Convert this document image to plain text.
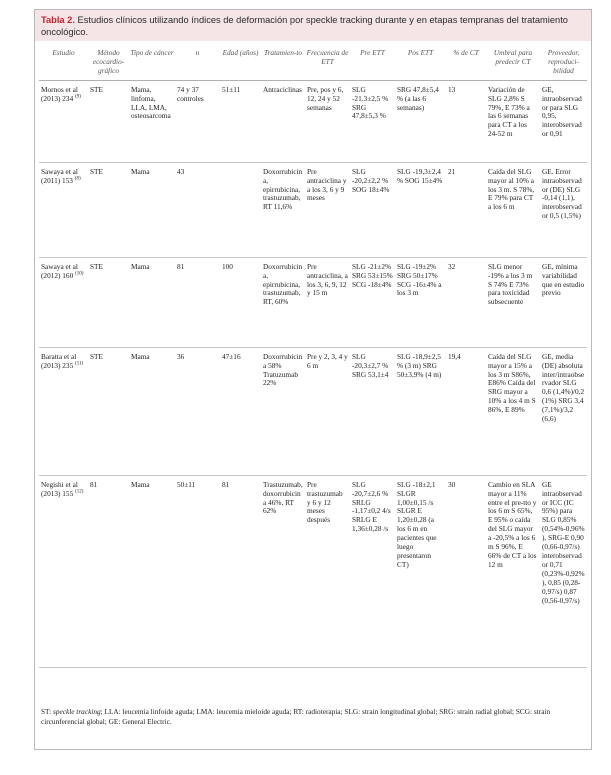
Tabla 2. Estudios clínicos utilizando índices de deformación por speckle tracking durante y en etapas tempranas del tratamiento oncológico.
Estudio	Método ecocardio-gráfico	Tipo de cáncer	n	Edad (años)	Tratamien-to	Frecuencia de ETT	Pre ETT	Pos ETT	% de CT	Umbral para predecir CT	Proveedor, reproduci-bilidad
Mornos et al (2013) 234 $^{(9)}$	STE	Mama, linfoma, LLA, LMA, osteosarcoma	74 y 37 controles	51±11	Antraciclinas	Pre, pos y 6, 12, 24 y 52 semanas	SLG -21.3±2,5 % SRG 47,8±5,3 %	SRG 47,8±5,4 % (a las 6 semanas)	13	Variación de SLG 2,8% S 79%, E 73% a las 6 semanas para CT a los 24-52 m	GE, intraobservador para SLG 0,95, interobservador 0,91
Sawaya et al (2011) 153 $^{(8)}$	STE	Mama	43		Doxorrubicina, epirrubicina, trastuzumab, RT 11,6%	Pre antraciclina y a los 3, 6 y 9 meses	SLG -20,2±2,2 % SOG 18±4%	SLG -19,3±2,4 % SOG 15±4%	21	Caída del SLG mayor al 10% a los 3 m. S 78%, E 79% para CT a los 6 m	GE. Error intraobservador (DE) SLG -0,14 (1,1), interobservador 0,5 (1,5%)
Sawaya et al (2012) 160 $^{(10)}$	STE	Mama	81	100	Doxorrubicina, epirrubicina, trastuzumab, RT, 60%	Pre antraciclina, a los 3, 6, 9, 12 y 15 m	SLG -21±2% SRG 53±15% SCG -18±4%	SLG -19±2% SRG 50±17% SCG -16±4% a los 3 m	32	SLG menor -19% a los 3 m S 74% E 73% para toxicidad subsecuente	GE, mínima variabilidad que en estudio previo
Baratta et al (2013) 235 $^{(11)}$	STE	Mama	36	47±16	Doxorrubicina 58% Tratuzumab 22%	Pre y 2, 3, 4 y 6 m	SLG -20,3±2,7 % SRG 53,1±4	SLG -18,9±2,5 % (3 m) SRG 50±3,9% (4 m)	19,4	Caída del SLG mayor a 15% a los 3 m S86%, E86% Caída del SRG mayor a 10% a los 4 m S 86%, E 89%	GE, media (DE) absoluta inter/intraobservador SLG 0,6 (1,4%)/0,2 (1%) SRG 3,4 (7,1%)/3,2 (6,6)
Negishi et al (2013) 155 $^{(12)}$	81	Mama	50±11	81	Trastuzumab, doxorrubicina 46%, RT 62%	Pre trastuzumab y 6 y 12 meses después	SLG -20,7±2,6 % SRLG -1,17±0,2 4/s SRLG E 1,36±0,28 /s	SLG -18±2,1 SLGR 1,00±0,15 /s SLGR E 1,20±0,28 (a los 6 m en pacientes que luego presentaron CT)	30	Cambio en SLA mayor a 11% entre el pre-tto y los 6 m S 65%, E 95% o caída del SLG mayor a -20,5% a los 6 m S 96%, E 66% de CT a los 12 m	GE intraobservador ICC (IC 95%) para SLG 0,85% (0,54%-0,96%), SRG-E 0,90 (0,66-0,97/s) interobservador 0,71 (0,23%-0,92%), 0,85 (0,28-0,97/s) 0,87 (0,56-0,97/s)
ST: speckle tracking; LLA: leucemia linfoide aguda; LMA: leucemia mieloide aguda; RT: radioterapia; SLG: strain longitudinal global; SRG: strain radial global; SCG: strain circunferencial global; GE: General Electric.
